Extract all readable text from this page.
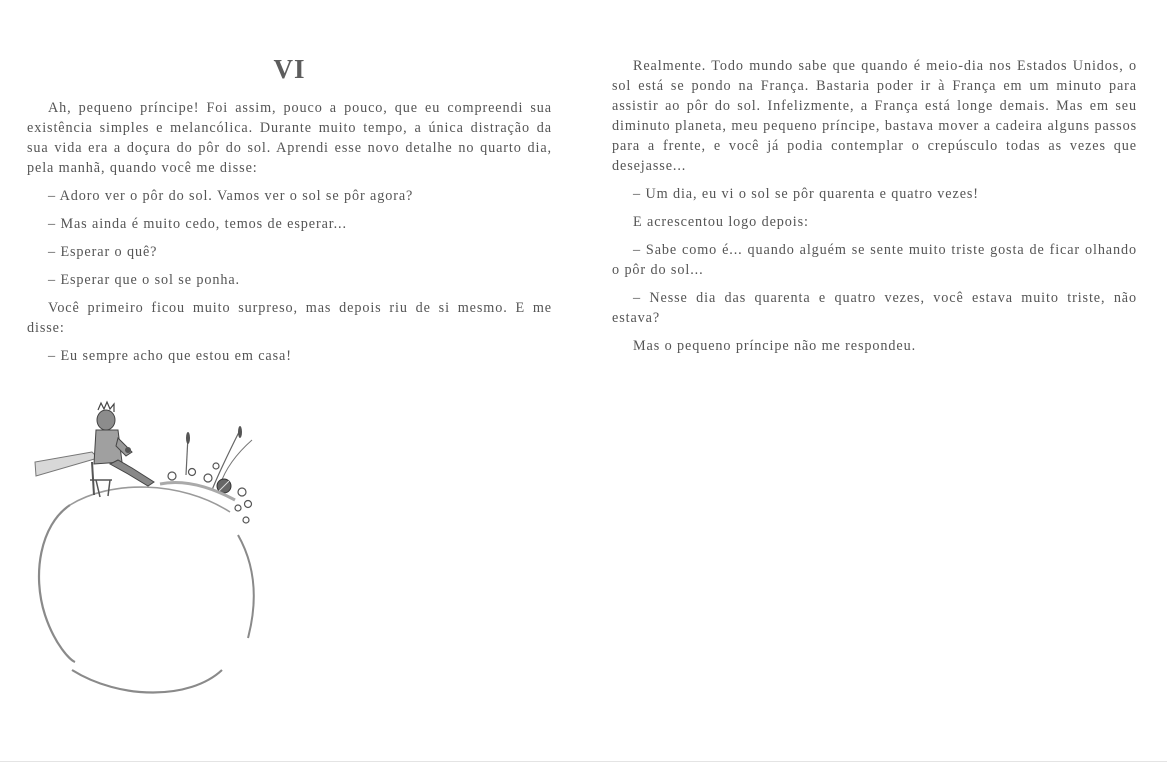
VI

Ah, pequeno príncipe! Foi assim, pouco a pouco, que eu compreendi sua existência simples e melancólica. Durante muito tempo, a única distração da sua vida era a doçura do pôr do sol. Aprendi esse novo detalhe no quarto dia, pela manhã, quando você me disse:

– Adoro ver o pôr do sol. Vamos ver o sol se pôr agora?

– Mas ainda é muito cedo, temos de esperar...

– Esperar o quê?

– Esperar que o sol se ponha.

Você primeiro ficou muito surpreso, mas depois riu de si mesmo. E me disse:

– Eu sempre acho que estou em casa!

Realmente. Todo mundo sabe que quando é meio-dia nos Estados Unidos, o sol está se pondo na França. Bastaria poder ir à França em um minuto para assistir ao pôr do sol. Infelizmente, a França está longe demais. Mas em seu diminuto planeta, meu pequeno príncipe, bastava mover a cadeira alguns passos para a frente, e você já podia contemplar o crepúsculo todas as vezes que desejasse...

– Um dia, eu vi o sol se pôr quarenta e quatro vezes!

E acrescentou logo depois:

– Sabe como é... quando alguém se sente muito triste gosta de ficar olhando o pôr do sol...

– Nesse dia das quarenta e quatro vezes, você estava muito triste, não estava?

Mas o pequeno príncipe não me respondeu.
